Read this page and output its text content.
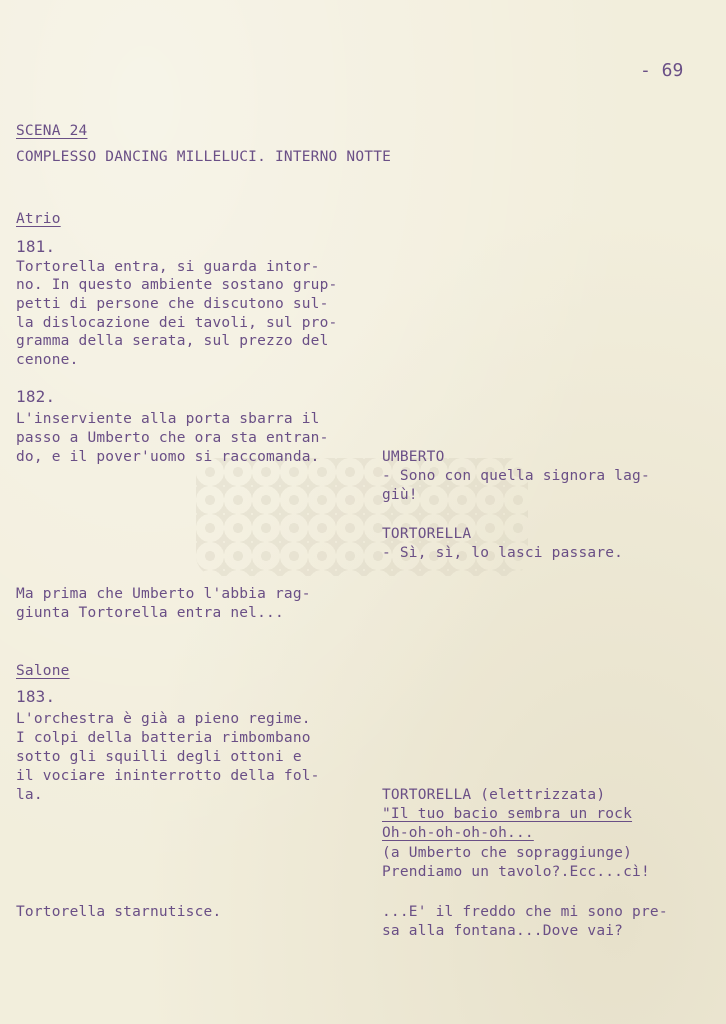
- 69
SCENA 24
COMPLESSO DANCING MILLELUCI. INTERNO NOTTE
Atrio
181.
Tortorella entra, si guarda intor-
no. In questo ambiente sostano grup-
petti di persone che discutono sul-
la dislocazione dei tavoli, sul pro-
gramma della serata, sul prezzo del
cenone.
182.
L'inserviente alla porta sbarra il
passo a Umberto che ora sta entran-
do, e il pover'uomo si raccomanda.	UMBERTO
- Sono con quella signora lag-
giù!
TORTORELLA
- Sì, sì, lo lasci passare.
Ma prima che Umberto l'abbia rag-
giunta Tortorella entra nel...
Salone
183.
L'orchestra è già a pieno regime.
I colpi della batteria rimbombano
sotto gli squilli degli ottoni e
il vociare ininterrotto della fol-
la.	TORTORELLA (elettrizzata)
"Il tuo bacio sembra un rock
Oh-oh-oh-oh-oh...
(a Umberto che sopraggiunge)
Prendiamo un tavolo?.Ecc...cì!
Tortorella starnutisce.	...E' il freddo che mi sono pre-
sa alla fontana...Dove vai?
